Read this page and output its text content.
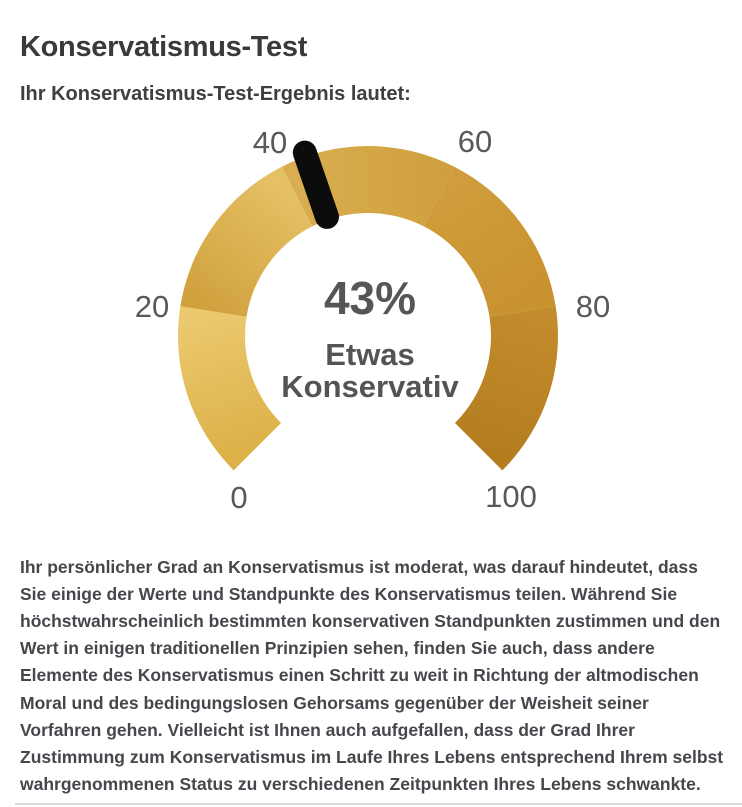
Konservatismus-Test
Ihr Konservatismus-Test-Ergebnis lautet:
0
20
40	60
80
100
43%
Etwas
Konservativ

Ihr persönlicher Grad an Konservatismus ist moderat, was darauf hindeutet, dass Sie einige der Werte und Standpunkte des Konservatismus teilen. Während Sie höchstwahrscheinlich bestimmten konservativen Standpunkten zustimmen und den Wert in einigen traditionellen Prinzipien sehen, finden Sie auch, dass andere Elemente des Konservatismus einen Schritt zu weit in Richtung der altmodischen Moral und des bedingungslosen Gehorsams gegenüber der Weisheit seiner Vorfahren gehen. Vielleicht ist Ihnen auch aufgefallen, dass der Grad Ihrer Zustimmung zum Konservatismus im Laufe Ihres Lebens entsprechend Ihrem selbst wahrgenommenen Status zu verschiedenen Zeitpunkten Ihres Lebens schwankte.
